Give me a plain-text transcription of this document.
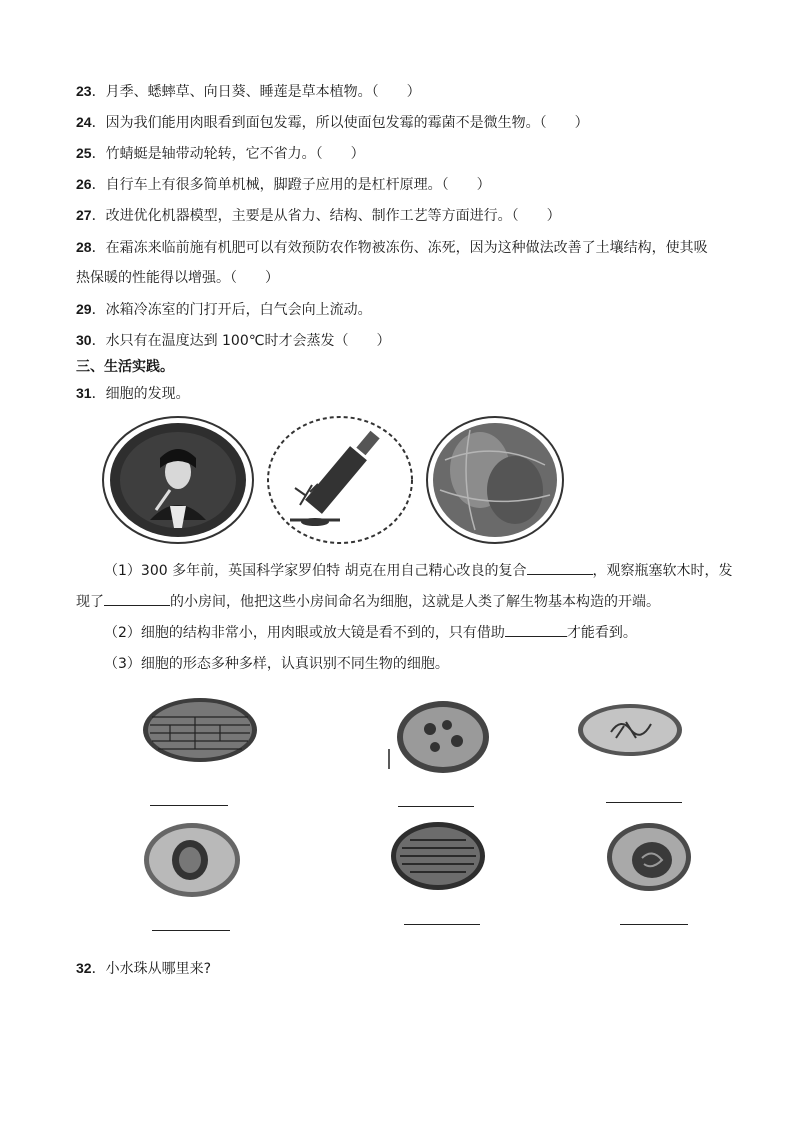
23．月季、蟋蟀草、向日葵、睡莲是草本植物。（　　）
24．因为我们能用肉眼看到面包发霉，所以使面包发霉的霉菌不是微生物。（　　）
25．竹蜻蜓是轴带动轮转，它不省力。（　　）
26．自行车上有很多简单机械，脚蹬子应用的是杠杆原理。（　　）
27．改进优化机器模型，主要是从省力、结构、制作工艺等方面进行。（　　）
28．在霜冻来临前施有机肥可以有效预防农作物被冻伤、冻死，因为这种做法改善了土壤结构，使其吸
热保暖的性能得以增强。（　　）
29．冰箱冷冻室的门打开后，白气会向上流动。
30．水只有在温度达到 100℃时才会蒸发（　　）
三、生活实践。
31．细胞的发现。
（1）300 多年前，英国科学家罗伯特 胡克在用自己精心改良的复合	，观察瓶塞软木时，发
现了	的小房间，他把这些小房间命名为细胞，这就是人类了解生物基本构造的开端。
（2）细胞的结构非常小，用肉眼或放大镜是看不到的，只有借助	才能看到。
（3）细胞的形态多种多样，认真识别不同生物的细胞。
32．小水珠从哪里来?
